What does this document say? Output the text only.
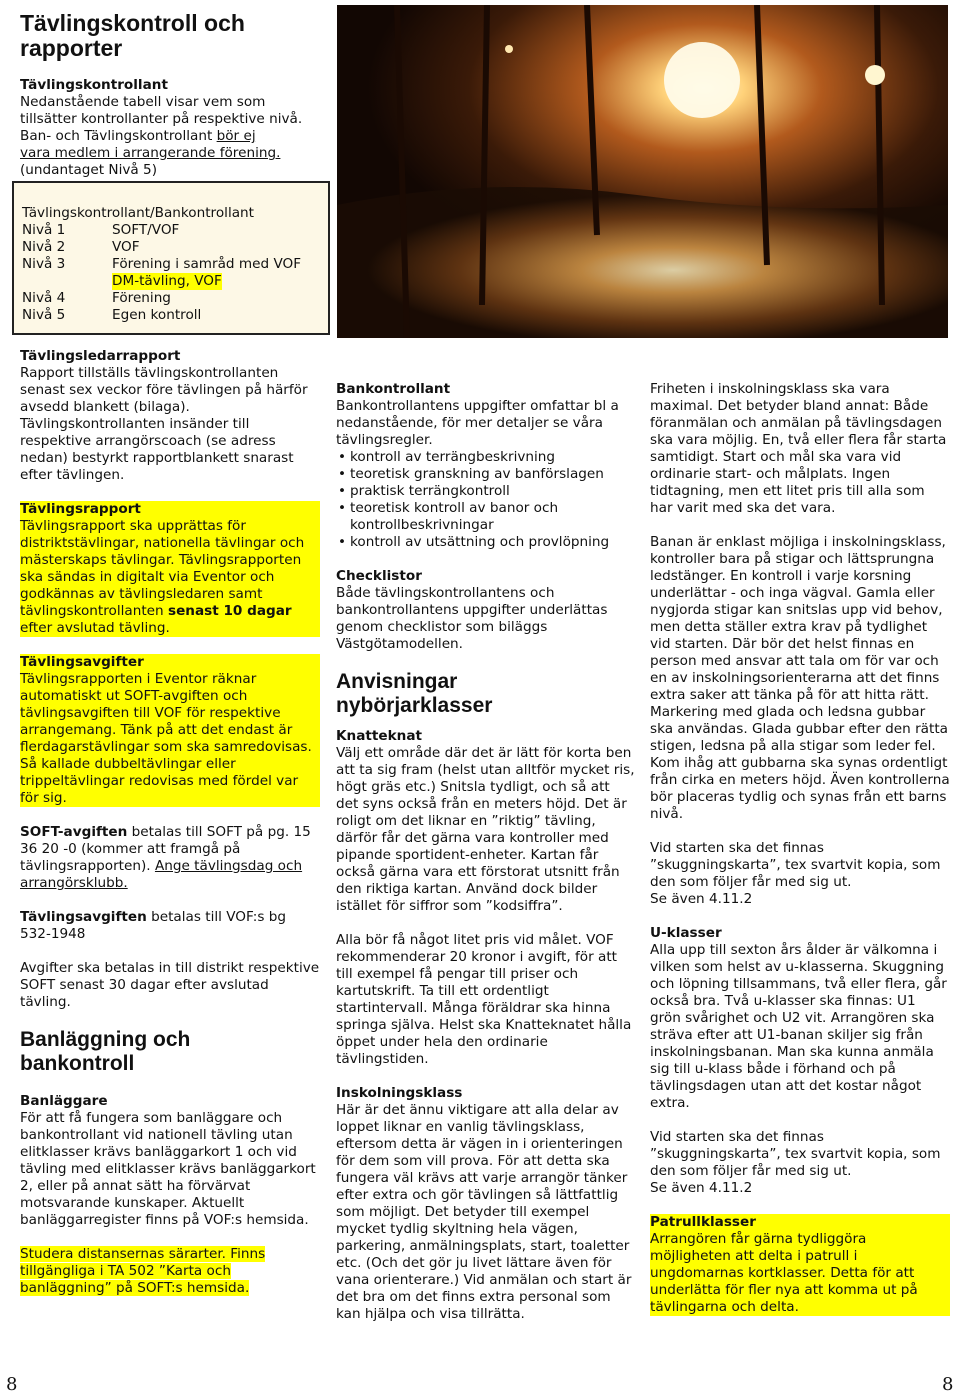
Tävlingskontroll och rapporter
Tävlingskontrollant

Nedanstående tabell visar vem som

tillsätter kontrollanter på respektive nivå.

Ban- och Tävlingskontrollant bör ej

vara medlem i arrangerande förening.

(undantaget Nivå 5)

Tävlingskontrollant/Bankontrollant

Nivå 1	SOFT/VOF
Nivå 2	VOF
Nivå 3	Förening i samråd med VOF
DM-tävling, VOF
Nivå 4	Förening
Nivå 5	Egen kontroll
Tävlingsledarrapport

Rapport tillställs tävlingskontrollanten senast sex veckor före tävlingen på härför avsedd blankett (bilaga).

Tävlingskontrollanten insänder till respektive arrangörscoach (se adress nedan) bestyrkt rapportblankett snarast efter tävlingen.

Tävlingsrapport

Tävlingsrapport ska upprättas för distriktstävlingar, nationella tävlingar och mästerskaps tävlingar. Tävlingsrapporten ska sändas in digitalt via Eventor och godkännas av tävlingsledaren samt tävlingskontrollanten senast 10 dagar efter avslutad tävling.

Tävlingsavgifter

Tävlingsrapporten i Eventor räknar automatiskt ut SOFT-avgiften och tävlingsavgiften till VOF för respektive arrangemang. Tänk på att det endast är flerdagarstävlingar som ska samredovisas. Så kallade dubbeltävlingar eller trippeltävlingar redovisas med fördel var för sig.

SOFT-avgiften betalas till SOFT på pg. 15 36 20 -0 (kommer att framgå på tävlingsrapporten). Ange tävlingsdag och arrangörsklubb.

Tävlingsavgiften betalas till VOF:s bg 532-1948

Avgifter ska betalas in till distrikt respektive SOFT senast 30 dagar efter avslutad tävling.

Banläggning och bankontroll
Banläggare

För att få fungera som banläggare och bankontrollant vid nationell tävling utan elitklasser krävs banläggarkort 1 och vid tävling med elitklasser krävs banläggarkort 2, eller på annat sätt ha förvärvat motsvarande kunskaper. Aktuellt banläggarregister finns på VOF:s hemsida.

Studera distansernas särarter. Finns tillgängliga i TA 502 ”Karta och banläggning” på SOFT:s hemsida.

Bankontrollant

Bankontrollantens uppgifter omfattar bl a nedanstående, för mer detaljer se våra tävlingsregler.

• kontroll av terrängbeskrivning
• teoretisk granskning av banförslagen
• praktisk terrängkontroll
• teoretisk kontroll av banor och kontrollbeskrivningar
• kontroll av utsättning och provlöpning
Checklistor

Både tävlingskontrollantens och bankontrollantens uppgifter underlättas genom checklistor som biläggs Västgötamodellen.

Anvisningar nybörjarklasser
Knatteknat

Välj ett område där det är lätt för korta ben att ta sig fram (helst utan alltför mycket ris, högt gräs etc.) Snitsla tydligt, och så att det syns också från en meters höjd. Det är roligt om det liknar en ”riktig” tävling, därför får det gärna vara kontroller med pipande sportident-enheter. Kartan får också gärna vara ett förstorat utsnitt från den riktiga kartan. Använd dock bilder istället för siffror som ”kodsiffra”.

Alla bör få något litet pris vid målet. VOF rekommenderar 20 kronor i avgift, för att till exempel få pengar till priser och kartutskrift. Ta till ett ordentligt startintervall. Många föräldrar ska hinna springa själva. Helst ska Knatteknatet hålla öppet under hela den ordinarie tävlingstiden.

Inskolningsklass

Här är det ännu viktigare att alla delar av loppet liknar en vanlig tävlingsklass, eftersom detta är vägen in i orienteringen för dem som vill prova. För att detta ska fungera väl krävs att varje arrangör tänker efter extra och gör tävlingen så lättfattlig som möjligt. Det betyder till exempel mycket tydlig skyltning hela vägen, parkering, anmälningsplats, start, toaletter etc. (Och det gör ju livet lättare även för vana orienterare.) Vid anmälan och start är det bra om det finns extra personal som kan hjälpa och visa tillrätta.

Friheten i inskolningsklass ska vara maximal. Det betyder bland annat: Både föranmälan och anmälan på tävlingsdagen ska vara möjlig. En, två eller flera får starta samtidigt. Start och mål ska vara vid ordinarie start- och målplats. Ingen tidtagning, men ett litet pris till alla som har varit med ska det vara.

Banan är enklast möjliga i inskolningsklass, kontroller bara på stigar och lättsprungna ledstänger. En kontroll i varje korsning underlättar - och inga vägval. Gamla eller nygjorda stigar kan snitslas upp vid behov, men detta ställer extra krav på tydlighet vid starten. Där bör det helst finnas en person med ansvar att tala om för var och en av inskolningsorienterarna att det finns extra saker att tänka på för att hitta rätt. Markering med glada och ledsna gubbar ska användas. Glada gubbar efter den rätta stigen, ledsna på alla stigar som leder fel. Kom ihåg att gubbarna ska synas ordentligt från cirka en meters höjd. Även kontrollerna bör placeras tydlig och synas från ett barns nivå.

Vid starten ska det finnas ”skuggningskarta”, tex svartvit kopia, som den som följer får med sig ut.

Se även 4.11.2

U-klasser

Alla upp till sexton års ålder är välkomna i vilken som helst av u-klasserna. Skuggning och löpning tillsammans, två eller flera, går också bra. Två u-klasser ska finnas: U1 grön svårighet och U2 vit. Arrangören ska sträva efter att U1-banan skiljer sig från inskolningsbanan. Man ska kunna anmäla sig till u-klass både i förhand och på tävlingsdagen utan att det kostar något extra.

Vid starten ska det finnas ”skuggningskarta”, tex svartvit kopia, som den som följer får med sig ut.

Se även 4.11.2

Patrullklasser

Arrangören får gärna tydliggöra möjligheten att delta i patrull i ungdomarnas kortklasser. Detta för att underlätta för fler nya att komma ut på tävlingarna och delta.

8	8
